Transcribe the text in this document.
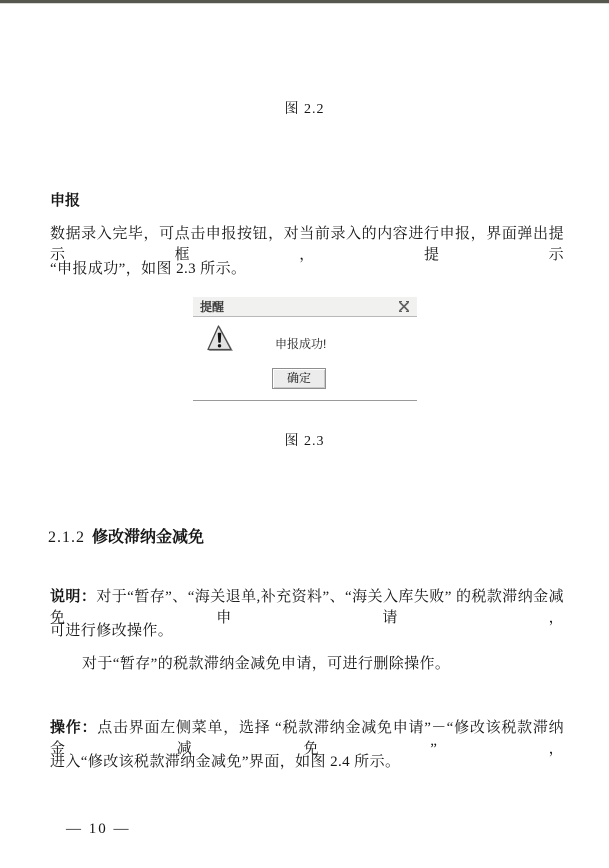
图 2.2
申报
数据录入完毕，可点击申报按钮，对当前录入的内容进行申报，界面弹出提示框，提示
“申报成功”，如图 2.3 所示。
提醒
申报成功!
确定
图 2.3
2.1.2 修改滞纳金减免
说明：对于“暂存”、“海关退单,补充资料”、“海关入库失败” 的税款滞纳金减免申请，
可进行修改操作。
对于“暂存”的税款滞纳金减免申请，可进行删除操作。
操作：点击界面左侧菜单，选择 “税款滞纳金减免申请”－“修改该税款滞纳金减免”，
进入“修改该税款滞纳金减免”界面，如图 2.4 所示。
— 10 —
